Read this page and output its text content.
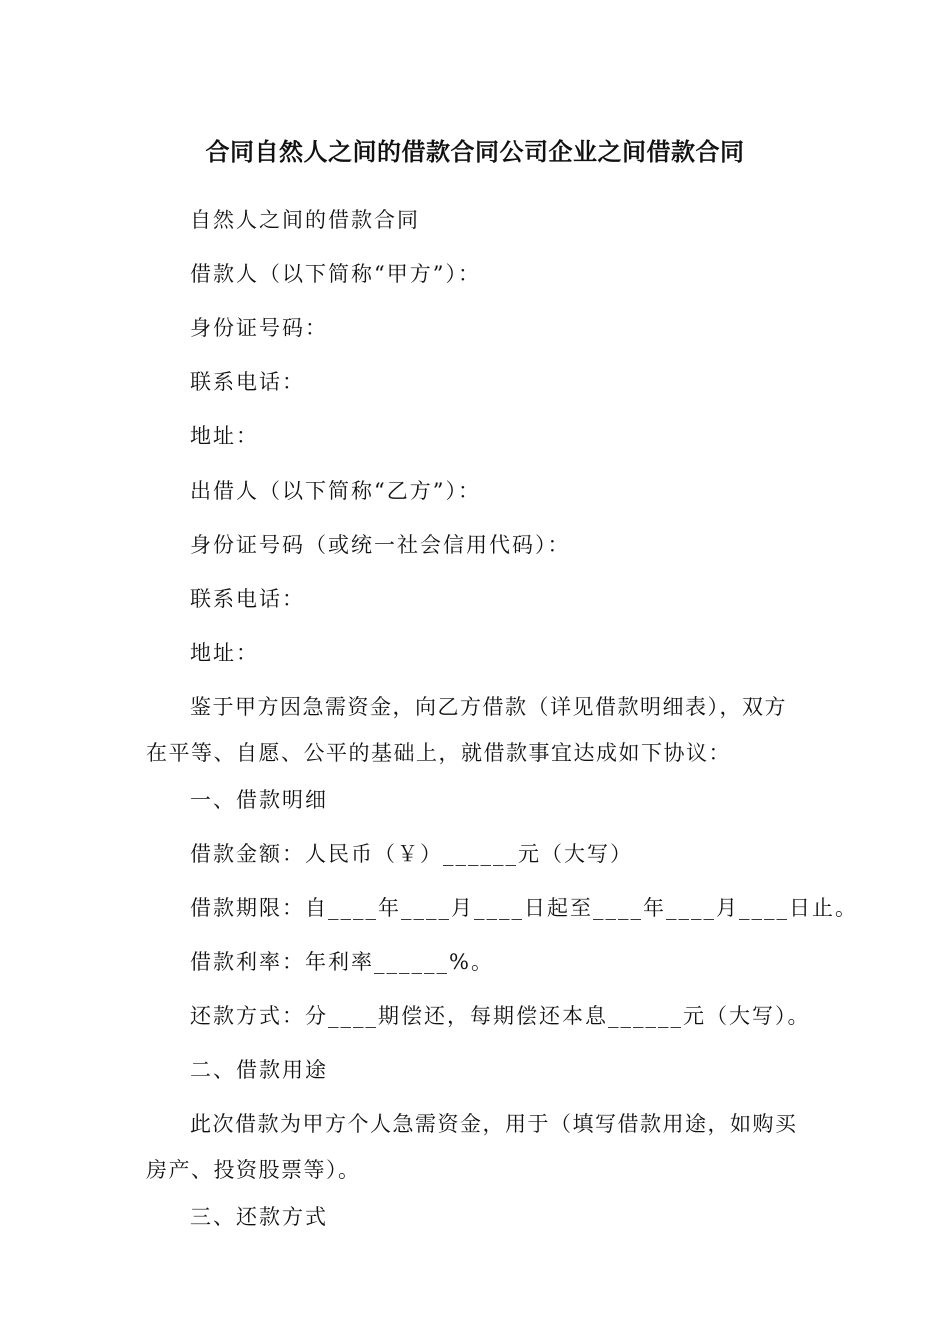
合同自然人之间的借款合同公司企业之间借款合同
自然人之间的借款合同
借款人（以下简称“甲方”）：
身份证号码：
联系电话：
地址：
出借人（以下简称“乙方”）：
身份证号码（或统一社会信用代码）：
联系电话：
地址：
鉴于甲方因急需资金，向乙方借款（详见借款明细表），双方在平等、自愿、公平的基础上，就借款事宜达成如下协议：
一、借款明细
借款金额：人民币（￥）______元（大写）
借款期限：自____年____月____日起至____年____月____日止。
借款利率：年利率______%。
还款方式：分____期偿还，每期偿还本息______元（大写）。
二、借款用途
此次借款为甲方个人急需资金，用于（填写借款用途，如购买房产、投资股票等）。
三、还款方式
